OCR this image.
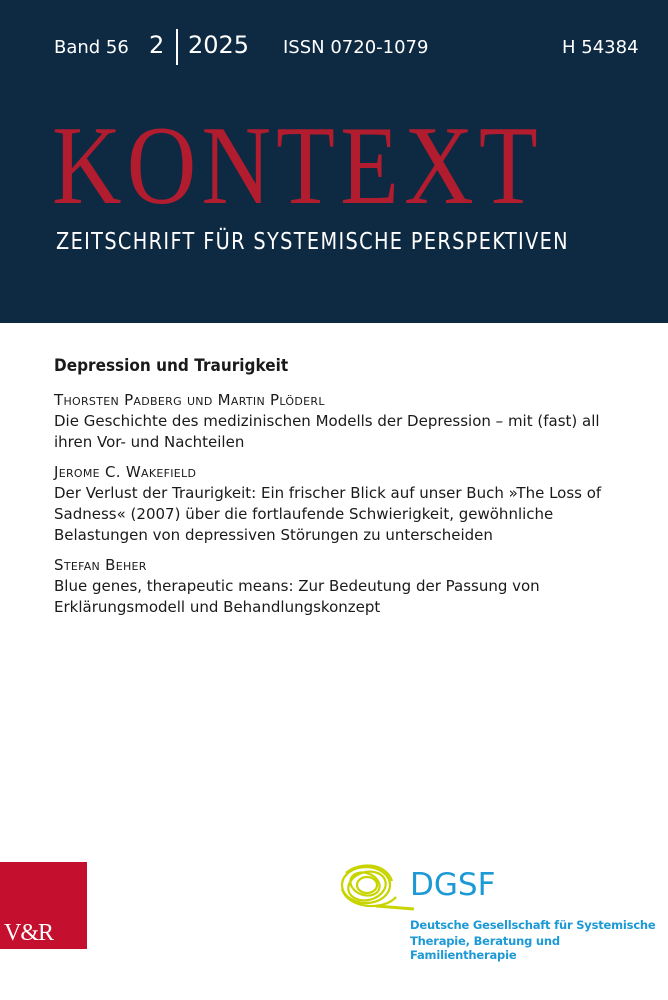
Band 56 2 2025 ISSN 0720-1079	H 54384
KONTEXT
ZEITSCHRIFT FÜR SYSTEMISCHE PERSPEKTIVEN
Depression und Traurigkeit
Thorsten Padberg und Martin Plöderl
Die Geschichte des medizinischen Modells der Depression – mit (fast) all ihren Vor- und Nachteilen
Jerome C. Wakefield
Der Verlust der Traurigkeit: Ein frischer Blick auf unser Buch »The Loss of Sadness« (2007) über die fortlaufende Schwierigkeit, gewöhnliche Belastungen von depressiven Störungen zu unterscheiden
Stefan Beher
Blue genes, therapeutic means: Zur Bedeutung der Passung von Erklärungsmodell und Behandlungskonzept
V&R
DGSF
Deutsche Gesellschaft für Systemische
Therapie, Beratung und Familientherapie
